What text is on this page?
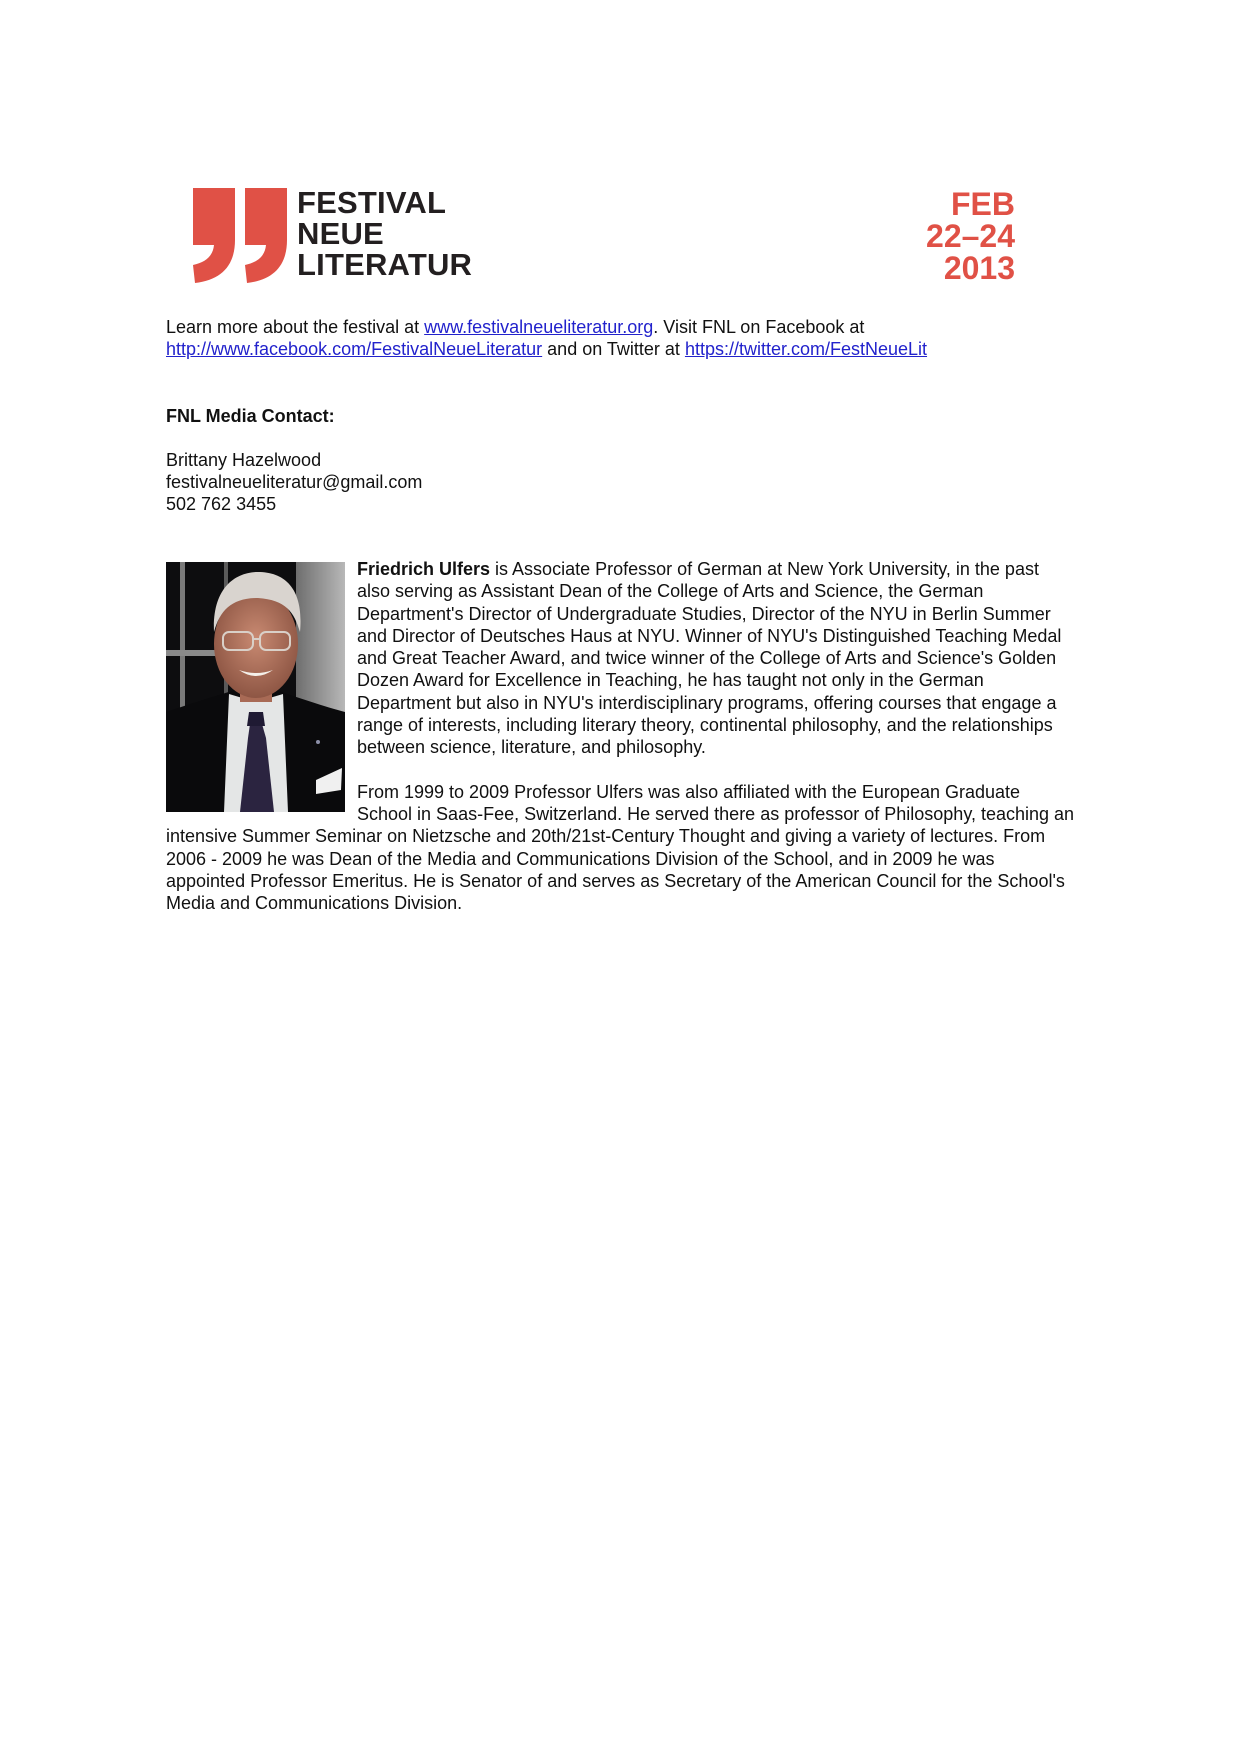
FESTIVAL
NEUE
LITERATUR
FEB
22–24
2013
Learn more about the festival at www.festivalneueliteratur.org. Visit FNL on Facebook at
http://www.facebook.com/FestivalNeueLiteratur and on Twitter at https://twitter.com/FestNeueLit
FNL Media Contact:
Brittany Hazelwood
festivalneueliteratur@gmail.com
502 762 3455

Friedrich Ulfers is Associate Professor of German at New York University, in the past also serving as Assistant Dean of the College of Arts and Science, the German Department's Director of Undergraduate Studies, Director of the NYU in Berlin Summer and Director of Deutsches Haus at NYU. Winner of NYU's Distinguished Teaching Medal and Great Teacher Award, and twice winner of the College of Arts and Science's Golden Dozen Award for Excellence in Teaching, he has taught not only in the German Department but also in NYU's interdisciplinary programs, offering courses that engage a range of interests, including literary theory, continental philosophy, and the relationships between science, literature, and philosophy.

From 1999 to 2009 Professor Ulfers was also affiliated with the European Graduate School in Saas-Fee, Switzerland. He served there as professor of Philosophy, teaching an intensive Summer Seminar on Nietzsche and 20th/21st-Century Thought and giving a variety of lectures. From 2006 - 2009 he was Dean of the Media and Communications Division of the School, and in 2009 he was appointed Professor Emeritus. He is Senator of and serves as Secretary of the American Council for the School's Media and Communications Division.
